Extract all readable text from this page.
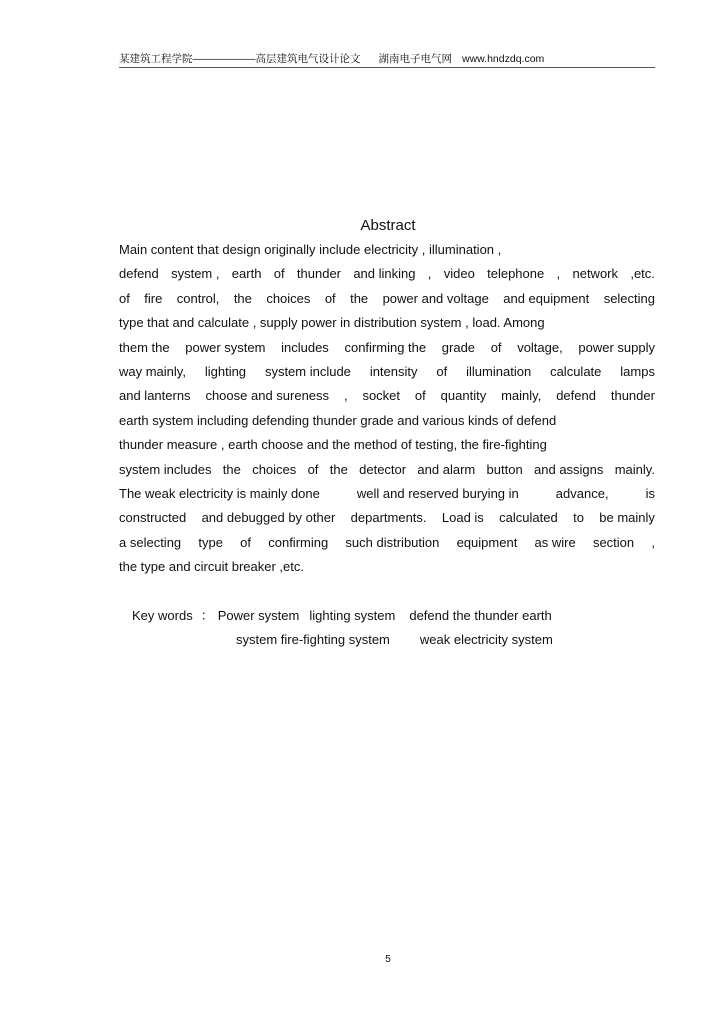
某建筑工程学院——————高层建筑电气设计论文 湖南电子电气网 www.hndzdq.com
Abstract
Main content that design originally include electricity , illumination ,
defend system , earth of thunder and linking , video telephone , network ,etc.
of fire control, the choices of the power and voltage and equipment selecting
type that and calculate , supply power in distribution system , load. Among
them the power system includes confirming the grade of voltage, power supply
way mainly, lighting system include intensity of illumination calculate lamps
and lanterns choose and sureness , socket of quantity mainly, defend thunder
earth system including defending thunder grade and various kinds of defend
thunder measure , earth choose and the method of testing, the fire-fighting
system includes the choices of the detector and alarm button and assigns mainly.
The weak electricity is mainly done	well and reserved burying in	advance,	is
constructed and debugged by other departments. Load is calculated to be mainly
a selecting type of confirming such distribution equipment as wire section ,
the type and circuit breaker ,etc.
Key words ： Power system lighting system defend the thunder earth
system fire-fighting system weak electricity system
5
